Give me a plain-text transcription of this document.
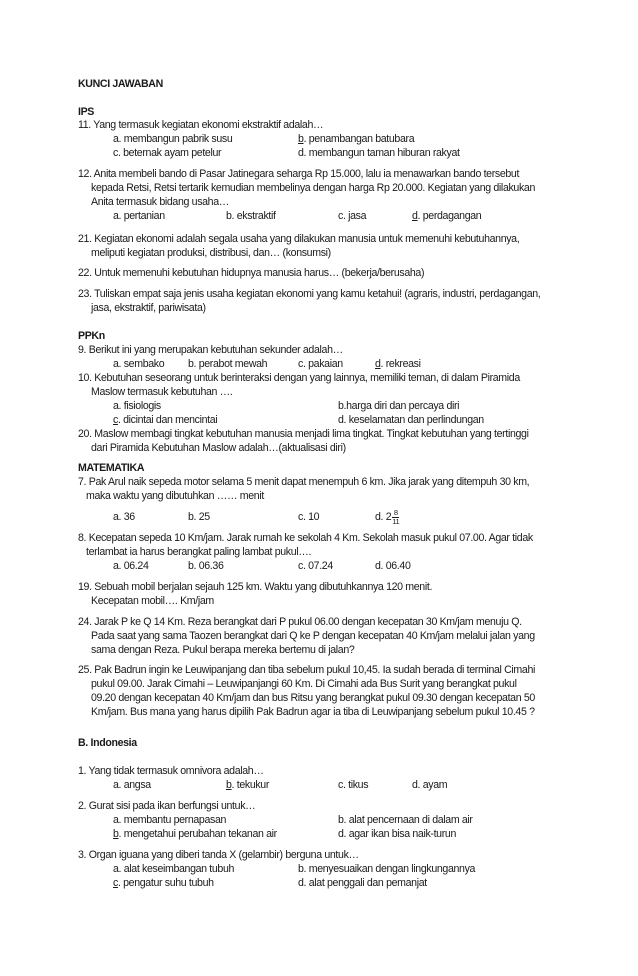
KUNCI JAWABAN
IPS
11. Yang termasuk kegiatan ekonomi ekstraktif adalah…
a. membangun pabrik susu	b. penambangan batubara
c. beternak ayam petelur	d. membangun taman hiburan rakyat
12. Anita membeli bando di Pasar Jatinegara seharga Rp 15.000, lalu ia menawarkan bando tersebut
kepada Retsi, Retsi tertarik kemudian membelinya dengan harga Rp 20.000. Kegiatan yang dilakukan
Anita termasuk bidang usaha…
a. pertanian	b. ekstraktif	c. jasa	d. perdagangan
21. Kegiatan ekonomi adalah segala usaha yang dilakukan manusia untuk memenuhi kebutuhannya,
meliputi kegiatan produksi, distribusi, dan… (konsumsi)
22. Untuk memenuhi kebutuhan hidupnya manusia harus… (bekerja/berusaha)
23. Tuliskan empat saja jenis usaha kegiatan ekonomi yang kamu ketahui! (agraris, industri, perdagangan,
jasa, ekstraktif, pariwisata)
PPKn
9. Berikut ini yang merupakan kebutuhan sekunder adalah…
a. sembako b. perabot mewah	c. pakaian	d. rekreasi
10. Kebutuhan seseorang untuk berinteraksi dengan yang lainnya, memiliki teman, di dalam Piramida
Maslow termasuk kebutuhan ….
a. fisiologis	b.harga diri dan percaya diri
c. dicintai dan mencintai	d. keselamatan dan perlindungan
20. Maslow membagi tingkat kebutuhan manusia menjadi lima tingkat. Tingkat kebutuhan yang tertinggi
dari Piramida Kebutuhan Maslow adalah…(aktualisasi diri)
MATEMATIKA
7. Pak Arul naik sepeda motor selama 5 menit dapat menempuh 6 km. Jika jarak yang ditempuh 30 km,
maka waktu yang dibutuhkan …… menit
a. 36	b. 25	c. 10	d. $2 \frac{8}{11}$
8. Kecepatan sepeda 10 Km/jam. Jarak rumah ke sekolah 4 Km. Sekolah masuk pukul 07.00. Agar tidak
terlambat ia harus berangkat paling lambat pukul….
a. 06.24	b. 06.36	c. 07.24	d. 06.40
19. Sebuah mobil berjalan sejauh 125 km. Waktu yang dibutuhkannya 120 menit.
Kecepatan mobil…. Km/jam
24. Jarak P ke Q 14 Km. Reza berangkat dari P pukul 06.00 dengan kecepatan 30 Km/jam menuju Q.
Pada saat yang sama Taozen berangkat dari Q ke P dengan kecepatan 40 Km/jam melalui jalan yang
sama dengan Reza. Pukul berapa mereka bertemu di jalan?
25. Pak Badrun ingin ke Leuwipanjang dan tiba sebelum pukul 10,45. Ia sudah berada di terminal Cimahi
pukul 09.00. Jarak Cimahi – Leuwipanjangi 60 Km. Di Cimahi ada Bus Surit yang berangkat pukul
09.20 dengan kecepatan 40 Km/jam dan bus Ritsu yang berangkat pukul 09.30 dengan kecepatan 50
Km/jam. Bus mana yang harus dipilih Pak Badrun agar ia tiba di Leuwipanjang sebelum pukul 10.45 ?
B. Indonesia
1. Yang tidak termasuk omnivora adalah…
a. angsa	b. tekukur	c. tikus	d. ayam
2. Gurat sisi pada ikan berfungsi untuk…
a. membantu pernapasan	b. alat pencernaan di dalam air
b. mengetahui perubahan tekanan air	d. agar ikan bisa naik-turun
3. Organ iguana yang diberi tanda X (gelambir) berguna untuk…
a. alat keseimbangan tubuh	b. menyesuaikan dengan lingkungannya
c. pengatur suhu tubuh	d. alat penggali dan pemanjat
